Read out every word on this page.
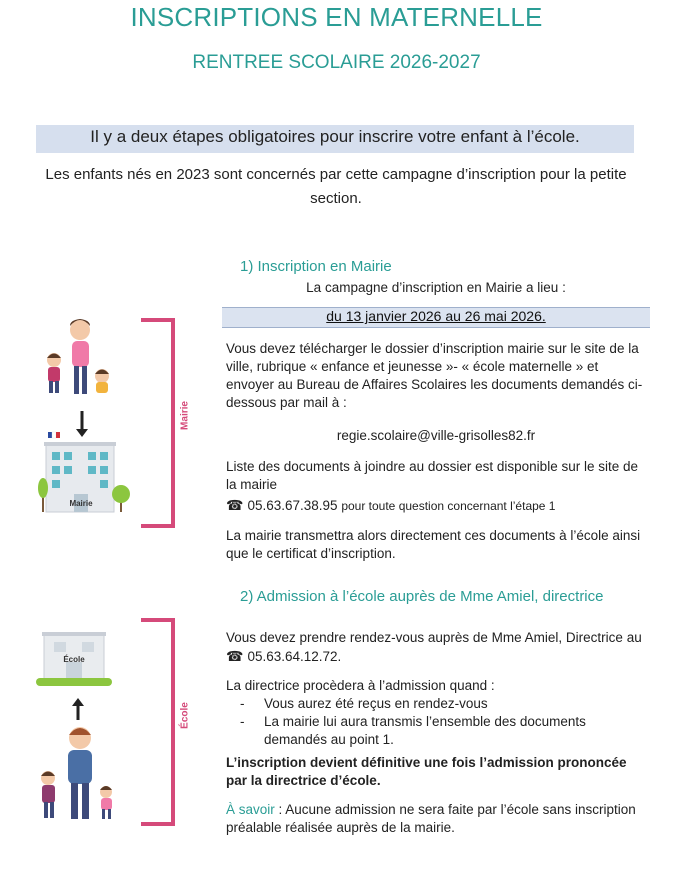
INSCRIPTIONS EN MATERNELLE
RENTREE SCOLAIRE 2026-2027
Il y a deux étapes obligatoires pour inscrire votre enfant à l’école.
Les enfants nés en 2023 sont concernés par cette campagne d’inscription pour la petite section.
1) Inscription en Mairie
La campagne d’inscription en Mairie a lieu :
du 13 janvier 2026 au 26 mai 2026.
Vous devez télécharger le dossier d’inscription mairie sur le site de la ville, rubrique « enfance et jeunesse »- « école maternelle » et envoyer au Bureau de Affaires Scolaires les documents demandés ci-dessous par mail à :
regie.scolaire@ville-grisolles82.fr
Liste des documents à joindre au dossier est disponible sur le site de la mairie
☎ 05.63.67.38.95 pour toute question concernant l’étape 1
La mairie transmettra alors directement ces documents à l’école ainsi que le certificat d’inscription.
Mairie
Mairie
2) Admission à l’école auprès de Mme Amiel, directrice
Vous devez prendre rendez-vous auprès de Mme Amiel, Directrice au ☎ 05.63.64.12.72.
La directrice procèdera à l’admission quand :
- Vous aurez été reçus en rendez-vous
- La mairie lui aura transmis l’ensemble des documents demandés au point 1.
L’inscription devient définitive une fois l’admission prononcée par la directrice d’école.
À savoir : Aucune admission ne sera faite par l’école sans inscription préalable réalisée auprès de la mairie.
École
École
